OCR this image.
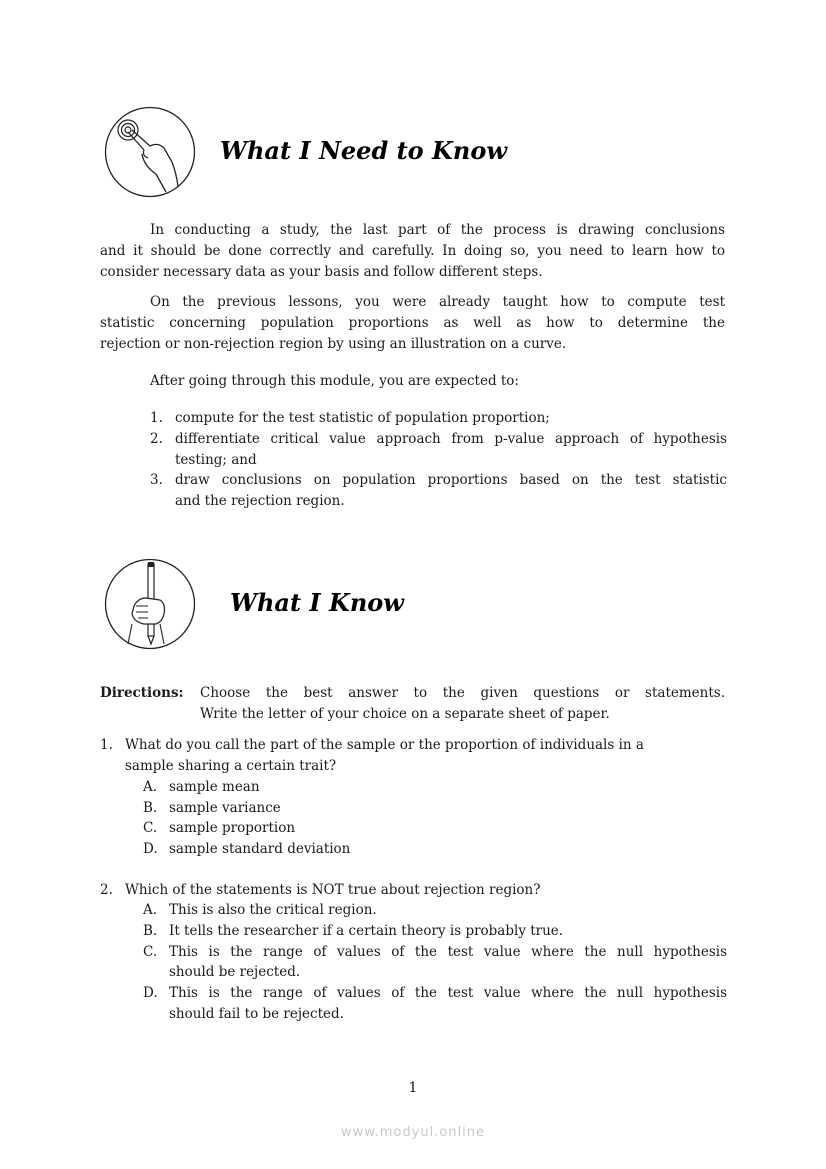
What I Need to Know
In conducting a study, the last part of the process is drawing conclusions
and it should be done correctly and carefully. In doing so, you need to learn how to
consider necessary data as your basis and follow different steps.
On the previous lessons, you were already taught how to compute test
statistic concerning population proportions as well as how to determine the
rejection or non-rejection region by using an illustration on a curve.
After going through this module, you are expected to:
1. compute for the test statistic of population proportion;
2. differentiate critical value approach from p-value approach of hypothesis
testing; and
3. draw conclusions on population proportions based on the test statistic
and the rejection region.
What I Know
Directions: Choose the best answer to the given questions or statements.
Write the letter of your choice on a separate sheet of paper.
1. What do you call the part of the sample or the proportion of individuals in a
sample sharing a certain trait?
A. sample mean
B. sample variance
C. sample proportion
D. sample standard deviation
2. Which of the statements is NOT true about rejection region?
A. This is also the critical region.
B. It tells the researcher if a certain theory is probably true.
C. This is the range of values of the test value where the null hypothesis
should be rejected.
D. This is the range of values of the test value where the null hypothesis
should fail to be rejected.
1
www.modyul.online
